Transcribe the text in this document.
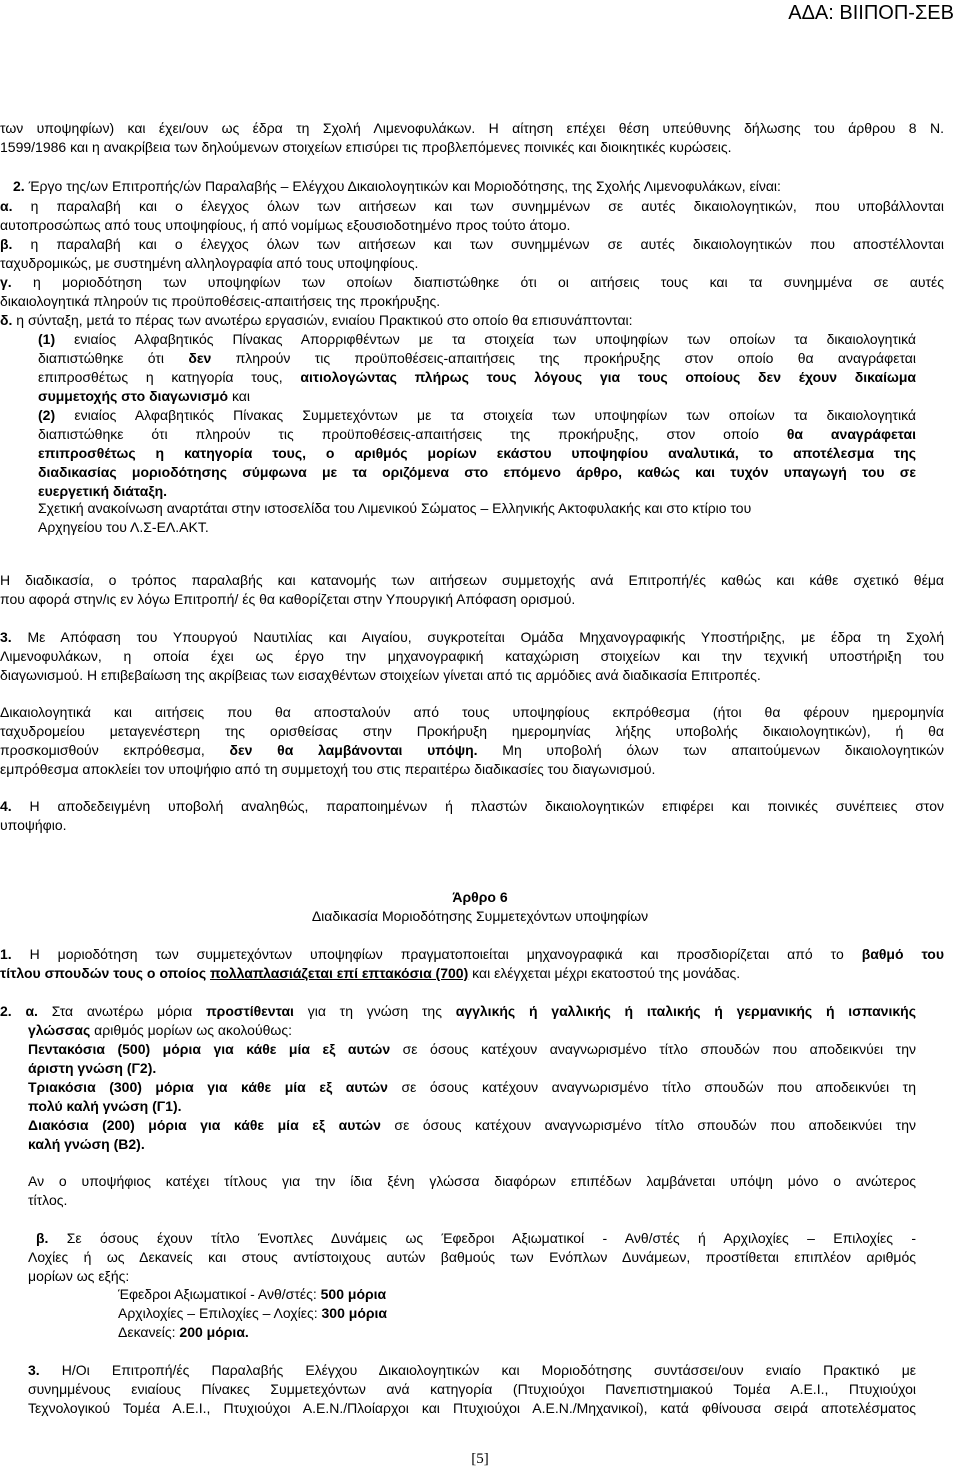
ΑΔΑ: ΒΙΙΠΟΠ-ΣΕΒ
των υποψηφίων) και έχει/ουν ως έδρα τη Σχολή Λιμενοφυλάκων. Η αίτηση επέχει θέση υπεύθυνης δήλωσης του άρθρου 8 Ν.
1599/1986 και η ανακρίβεια των δηλούμενων στοιχείων επισύρει τις προβλεπόμενες ποινικές και διοικητικές κυρώσεις.
2. Έργο της/ων Επιτροπής/ών Παραλαβής – Ελέγχου Δικαιολογητικών και Μοριοδότησης, της Σχολής Λιμενοφυλάκων, είναι:
α. η παραλαβή και ο έλεγχος όλων των αιτήσεων και των συνημμένων σε αυτές δικαιολογητικών, που υποβάλλονται
αυτοπροσώπως από τους υποψηφίους, ή από νομίμως εξουσιοδοτημένο προς τούτο άτομο.
β. η παραλαβή και ο έλεγχος όλων των αιτήσεων και των συνημμένων σε αυτές δικαιολογητικών που αποστέλλονται
ταχυδρομικώς, με συστημένη αλληλογραφία από τους υποψηφίους.
γ. η μοριοδότηση των υποψηφίων των οποίων διαπιστώθηκε ότι οι αιτήσεις τους και τα συνημμένα σε αυτές
δικαιολογητικά πληρούν τις προϋποθέσεις-απαιτήσεις της προκήρυξης.
δ. η σύνταξη, μετά το πέρας των ανωτέρω εργασιών, ενιαίου Πρακτικού στο οποίο θα επισυνάπτονται:
(1) ενιαίος Αλφαβητικός Πίνακας Απορριφθέντων με τα στοιχεία των υποψηφίων των οποίων τα δικαιολογητικά
διαπιστώθηκε ότι δεν πληρούν τις προϋποθέσεις-απαιτήσεις της προκήρυξης στον οποίο θα αναγράφεται
επιπροσθέτως η κατηγορία τους, αιτιολογώντας πλήρως τους λόγους για τους οποίους δεν έχουν δικαίωμα
συμμετοχής στο διαγωνισμό και
(2) ενιαίος Αλφαβητικός Πίνακας Συμμετεχόντων με τα στοιχεία των υποψηφίων των οποίων τα δικαιολογητικά
διαπιστώθηκε ότι πληρούν τις προϋποθέσεις-απαιτήσεις της προκήρυξης, στον οποίο θα αναγράφεται
επιπροσθέτως η κατηγορία τους, ο αριθμός μορίων εκάστου υποψηφίου αναλυτικά, το αποτέλεσμα της
διαδικασίας μοριοδότησης σύμφωνα με τα οριζόμενα στο επόμενο άρθρο, καθώς και τυχόν υπαγωγή του σε
ευεργετική διάταξη.
Σχετική ανακοίνωση αναρτάται στην ιστοσελίδα του Λιμενικού Σώματος – Ελληνικής Ακτοφυλακής και στο κτίριο του
Αρχηγείου του Λ.Σ-ΕΛ.ΑΚΤ.
Η διαδικασία, ο τρόπος παραλαβής και κατανομής των αιτήσεων συμμετοχής ανά Επιτροπή/ές καθώς και κάθε σχετικό θέμα
που αφορά στην/ις εν λόγω Επιτροπή/ ές θα καθορίζεται στην Υπουργική Απόφαση ορισμού.
3. Με Απόφαση του Υπουργού Ναυτιλίας και Αιγαίου, συγκροτείται Ομάδα Μηχανογραφικής Υποστήριξης, με έδρα τη Σχολή
Λιμενοφυλάκων, η οποία έχει ως έργο την μηχανογραφική καταχώριση στοιχείων και την τεχνική υποστήριξη του
διαγωνισμού. Η επιβεβαίωση της ακρίβειας των εισαχθέντων στοιχείων γίνεται από τις αρμόδιες ανά διαδικασία Επιτροπές.
Δικαιολογητικά και αιτήσεις που θα αποσταλούν από τους υποψηφίους εκπρόθεσμα (ήτοι θα φέρουν ημερομηνία
ταχυδρομείου μεταγενέστερη της ορισθείσας στην Προκήρυξη ημερομηνίας λήξης υποβολής δικαιολογητικών), ή θα
προσκομισθούν εκπρόθεσμα, δεν θα λαμβάνονται υπόψη. Μη υποβολή όλων των απαιτούμενων δικαιολογητικών
εμπρόθεσμα αποκλείει τον υποψήφιο από τη συμμετοχή του στις περαιτέρω διαδικασίες του διαγωνισμού.
4. Η αποδεδειγμένη υποβολή αναληθώς, παραποιημένων ή πλαστών δικαιολογητικών επιφέρει και ποινικές συνέπειες στον
υποψήφιο.
Άρθρο 6
Διαδικασία Μοριοδότησης Συμμετεχόντων υποψηφίων
1. Η μοριοδότηση των συμμετεχόντων υποψηφίων πραγματοποιείται μηχανογραφικά και προσδιορίζεται από το βαθμό του
τίτλου σπουδών τους ο οποίος πολλαπλασιάζεται επί επτακόσια (700) και ελέγχεται μέχρι εκατοστού της μονάδας.
2. α. Στα ανωτέρω μόρια προστίθενται για τη γνώση της αγγλικής ή γαλλικής ή ιταλικής ή γερμανικής ή ισπανικής
γλώσσας αριθμός μορίων ως ακολούθως:
Πεντακόσια (500) μόρια για κάθε μία εξ αυτών σε όσους κατέχουν αναγνωρισμένο τίτλο σπουδών που αποδεικνύει την
άριστη γνώση (Γ2).
Τριακόσια (300) μόρια για κάθε μία εξ αυτών σε όσους κατέχουν αναγνωρισμένο τίτλο σπουδών που αποδεικνύει τη
πολύ καλή γνώση (Γ1).
Διακόσια (200) μόρια για κάθε μία εξ αυτών σε όσους κατέχουν αναγνωρισμένο τίτλο σπουδών που αποδεικνύει την
καλή γνώση (Β2).
Αν ο υποψήφιος κατέχει τίτλους για την ίδια ξένη γλώσσα διαφόρων επιπέδων λαμβάνεται υπόψη μόνο ο ανώτερος
τίτλος.
β. Σε όσους έχουν τίτλο Ένοπλες Δυνάμεις ως Έφεδροι Αξιωματικοί - Ανθ/στές ή Αρχιλοχίες – Επιλοχίες -
Λοχίες ή ως Δεκανείς και στους αντίστοιχους αυτών βαθμούς των Ενόπλων Δυνάμεων, προστίθεται επιπλέον αριθμός
μορίων ως εξής:
Έφεδροι Αξιωματικοί - Ανθ/στές: 500 μόρια
Αρχιλοχίες – Επιλοχίες – Λοχίες: 300 μόρια
Δεκανείς: 200 μόρια.
3. Η/Οι Επιτροπή/ές Παραλαβής Ελέγχου Δικαιολογητικών και Μοριοδότησης συντάσσει/ουν ενιαίο Πρακτικό με
συνημμένους ενιαίους Πίνακες Συμμετεχόντων ανά κατηγορία (Πτυχιούχοι Πανεπιστημιακού Τομέα Α.Ε.Ι., Πτυχιούχοι
Τεχνολογικού Τομέα Α.Ε.Ι., Πτυχιούχοι Α.Ε.Ν./Πλοίαρχοι και Πτυχιούχοι Α.Ε.Ν./Μηχανικοί), κατά φθίνουσα σειρά αποτελέσματος
[5]
